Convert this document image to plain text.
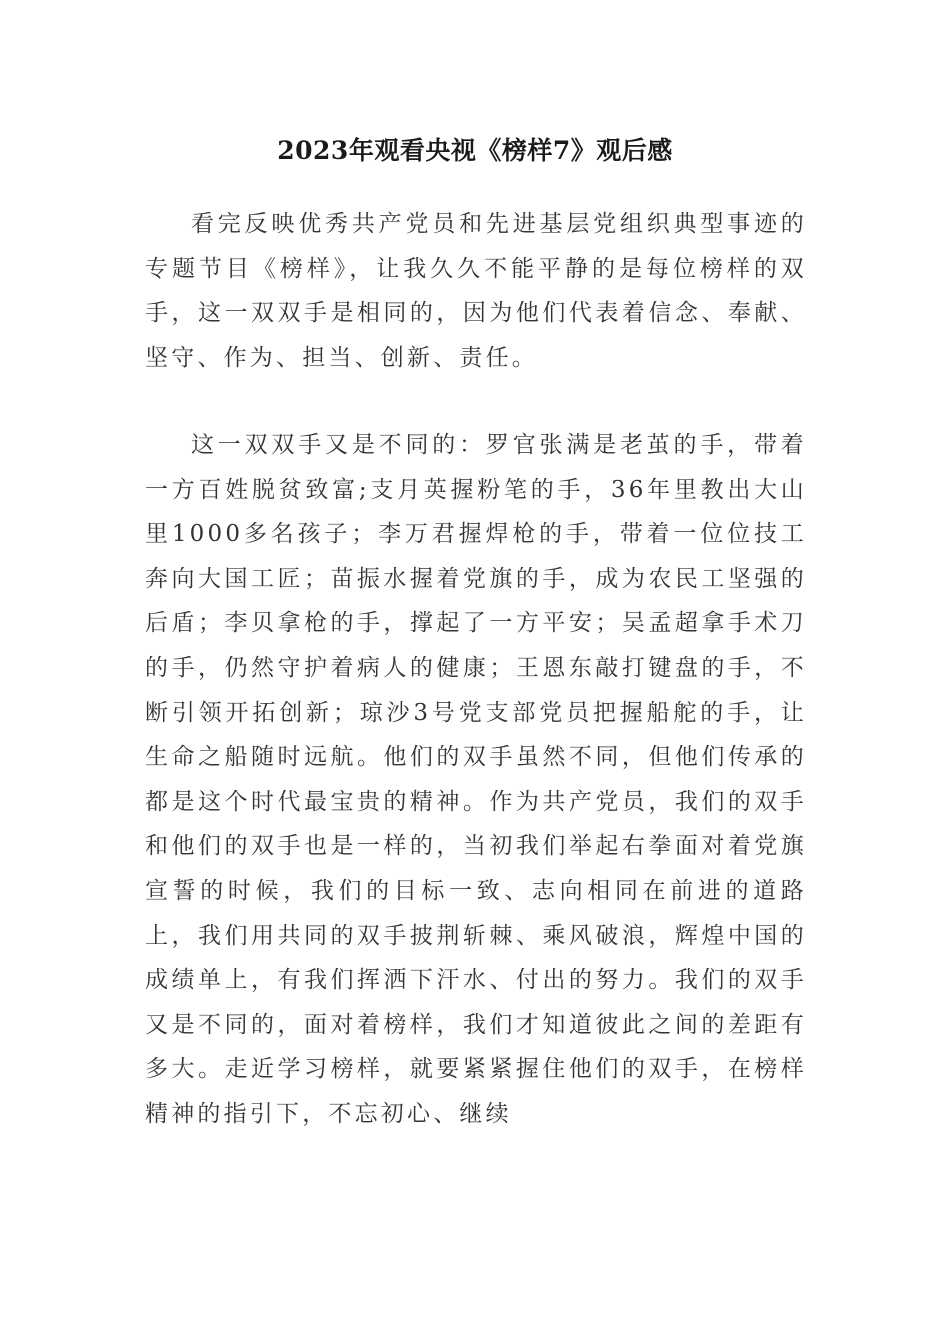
2023年观看央视《榜样7》观后感

看完反映优秀共产党员和先进基层党组织典型事迹的专题节目《榜样》，让我久久不能平静的是每位榜样的双手，这一双双手是相同的，因为他们代表着信念、奉献、坚守、作为、担当、创新、责任。

这一双双手又是不同的：罗官张满是老茧的手，带着一方百姓脱贫致富;支月英握粉笔的手，36年里教出大山里1000多名孩子；李万君握焊枪的手，带着一位位技工奔向大国工匠；苗振水握着党旗的手，成为农民工坚强的后盾；李贝拿枪的手，撑起了一方平安；吴孟超拿手术刀的手，仍然守护着病人的健康；王恩东敲打键盘的手，不断引领开拓创新；琼沙3号党支部党员把握船舵的手，让生命之船随时远航。他们的双手虽然不同，但他们传承的都是这个时代最宝贵的精神。作为共产党员，我们的双手和他们的双手也是一样的，当初我们举起右拳面对着党旗宣誓的时候，我们的目标一致、志向相同在前进的道路上，我们用共同的双手披荆斩棘、乘风破浪，辉煌中国的成绩单上，有我们挥洒下汗水、付出的努力。我们的双手又是不同的，面对着榜样，我们才知道彼此之间的差距有多大。走近学习榜样，就要紧紧握住他们的双手，在榜样精神的指引下，不忘初心、继续
